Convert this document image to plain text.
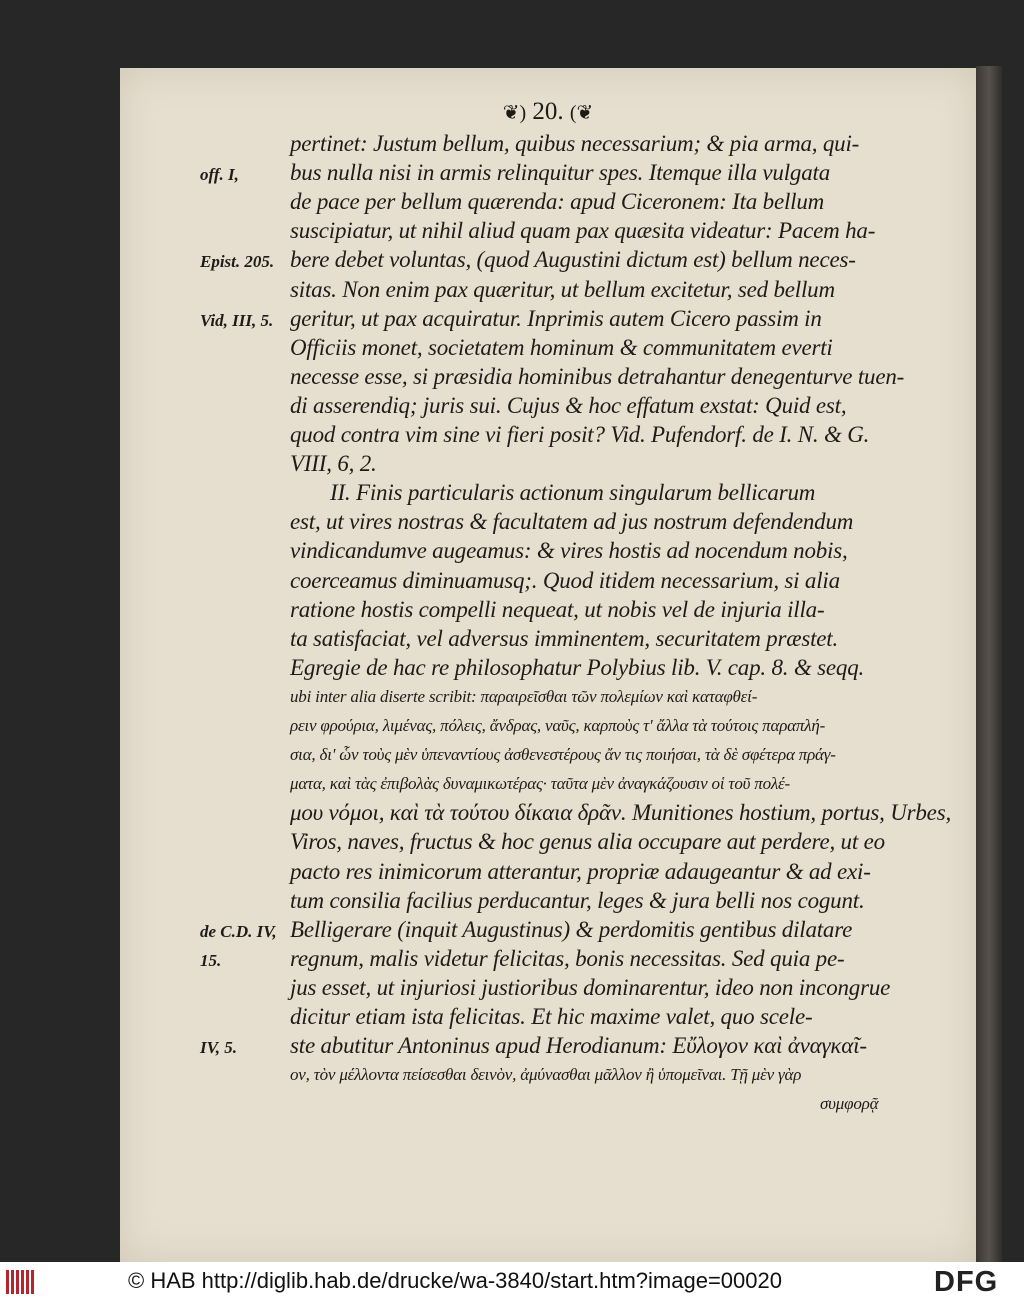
❦) 20. (❦
pertinet: Justum bellum, quibus necessarium; & pia arma, qui-
bus nulla nisi in armis relinquitur spes. Itemque illa vulgata
de pace per bellum quærenda: apud Ciceronem: Ita bellum
suscipiatur, ut nihil aliud quam pax quæsita videatur: Pacem ha-
bere debet voluntas, (quod Augustini dictum est) bellum neces-
sitas. Non enim pax quæritur, ut bellum excitetur, sed bellum
geritur, ut pax acquiratur. Inprimis autem Cicero passim in
Officiis monet, societatem hominum & communitatem everti
necesse esse, si præsidia hominibus detrahantur denegenturve tuen-
di asserendiq; juris sui. Cujus & hoc effatum exstat: Quid est,
quod contra vim sine vi fieri posit? Vid. Pufendorf. de I. N. & G.
VIII, 6, 2.
II. Finis particularis actionum singularum bellicarum
est, ut vires nostras & facultatem ad jus nostrum defendendum
vindicandumve augeamus: & vires hostis ad nocendum nobis,
coerceamus diminuamusq;. Quod itidem necessarium, si alia
ratione hostis compelli nequeat, ut nobis vel de injuria illa-
ta satisfaciat, vel adversus imminentem, securitatem præstet.
Egregie de hac re philosophatur Polybius lib. V. cap. 8. & seqq.
ubi inter alia diserte scribit: παραιρεῖσθαι τῶν πολεμίων καὶ καταφθεί-
ρειν φρούρια, λιμένας, πόλεις, ἄνδρας, ναῦς, καρποὺς τ' ἄλλα τὰ τούτοις παραπλή-
σια, δι' ὧν τοὺς μὲν ὑπεναντίους ἀσθενεστέρους ἄν τις ποιήσαι, τὰ δὲ σφέτερα πράγ-
ματα, καὶ τὰς ἐπιβολὰς δυναμικωτέρας· ταῦτα μὲν ἀναγκάζουσιν οἱ τοῦ πολέ-
μου νόμοι, καὶ τὰ τούτου δίκαια δρᾶν. Munitiones hostium, portus, Urbes,
Viros, naves, fructus & hoc genus alia occupare aut perdere, ut eo
pacto res inimicorum atterantur, propriæ adaugeantur & ad exi-
tum consilia facilius perducantur, leges & jura belli nos cogunt.
Belligerare (inquit Augustinus) & perdomitis gentibus dilatare
regnum, malis videtur felicitas, bonis necessitas. Sed quia pe-
jus esset, ut injuriosi justioribus dominarentur, ideo non incongrue
dicitur etiam ista felicitas. Et hic maxime valet, quo scele-
ste abutitur Antoninus apud Herodianum: Εὔλογον καὶ ἀναγκαῖ-
ον, τὸν μέλλοντα πείσεσθαι δεινὸν, ἀμύνασθαι μᾶλλον ἢ ὑπομεῖναι. Τῇ μὲν γὰρ
συμφορᾷ
off. I,
Epist. 205.
Vid, III, 5.
de C.D. IV,
15.
IV, 5.
© HAB http://diglib.hab.de/drucke/wa-3840/start.htm?image=00020	DFG
